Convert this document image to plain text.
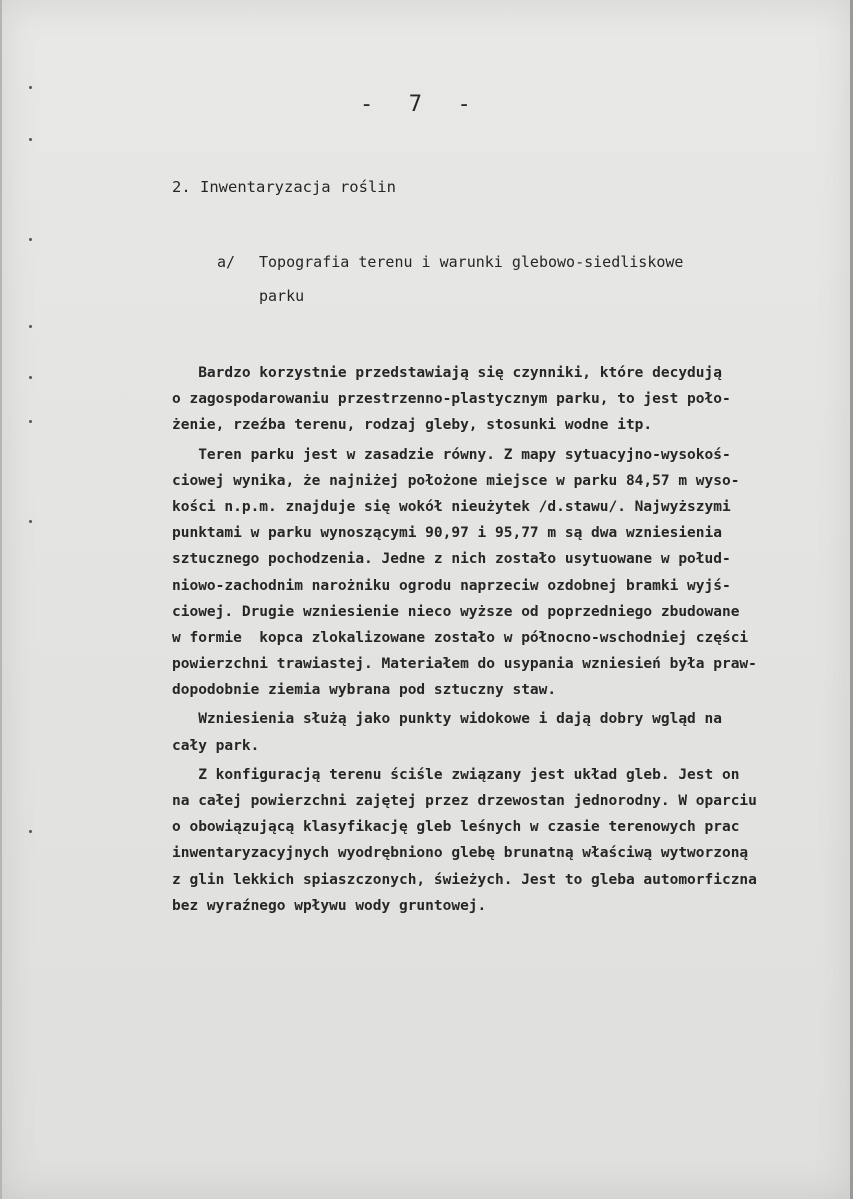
-  7  -
2. Inwentaryzacja roślin
a/ Topografia terenu i warunki glebowo-siedliskowe
parku
Bardzo korzystnie przedstawiają się czynniki, które decydują
o zagospodarowaniu przestrzenno-plastycznym parku, to jest poło-
żenie, rzeźba terenu, rodzaj gleby, stosunki wodne itp.
Teren parku jest w zasadzie równy. Z mapy sytuacyjno-wysokoś-
ciowej wynika, że najniżej położone miejsce w parku 84,57 m wyso-
kości n.p.m. znajduje się wokół nieużytek /d.stawu/. Najwyższymi
punktami w parku wynoszącymi 90,97 i 95,77 m są dwa wzniesienia
sztucznego pochodzenia. Jedne z nich zostało usytuowane w połud-
niowo-zachodnim narożniku ogrodu naprzeciw ozdobnej bramki wyjś-
ciowej. Drugie wzniesienie nieco wyższe od poprzedniego zbudowane
w formie  kopca zlokalizowane zostało w północno-wschodniej części
powierzchni trawiastej. Materiałem do usypania wzniesień była praw-
dopodobnie ziemia wybrana pod sztuczny staw.
Wzniesienia służą jako punkty widokowe i dają dobry wgląd na
cały park.
Z konfiguracją terenu ściśle związany jest układ gleb. Jest on
na całej powierzchni zajętej przez drzewostan jednorodny. W oparciu
o obowiązującą klasyfikację gleb leśnych w czasie terenowych prac
inwentaryzacyjnych wyodrębniono glebę brunatną właściwą wytworzoną
z glin lekkich spiaszczonych, świeżych. Jest to gleba automorficzna
bez wyraźnego wpływu wody gruntowej.
